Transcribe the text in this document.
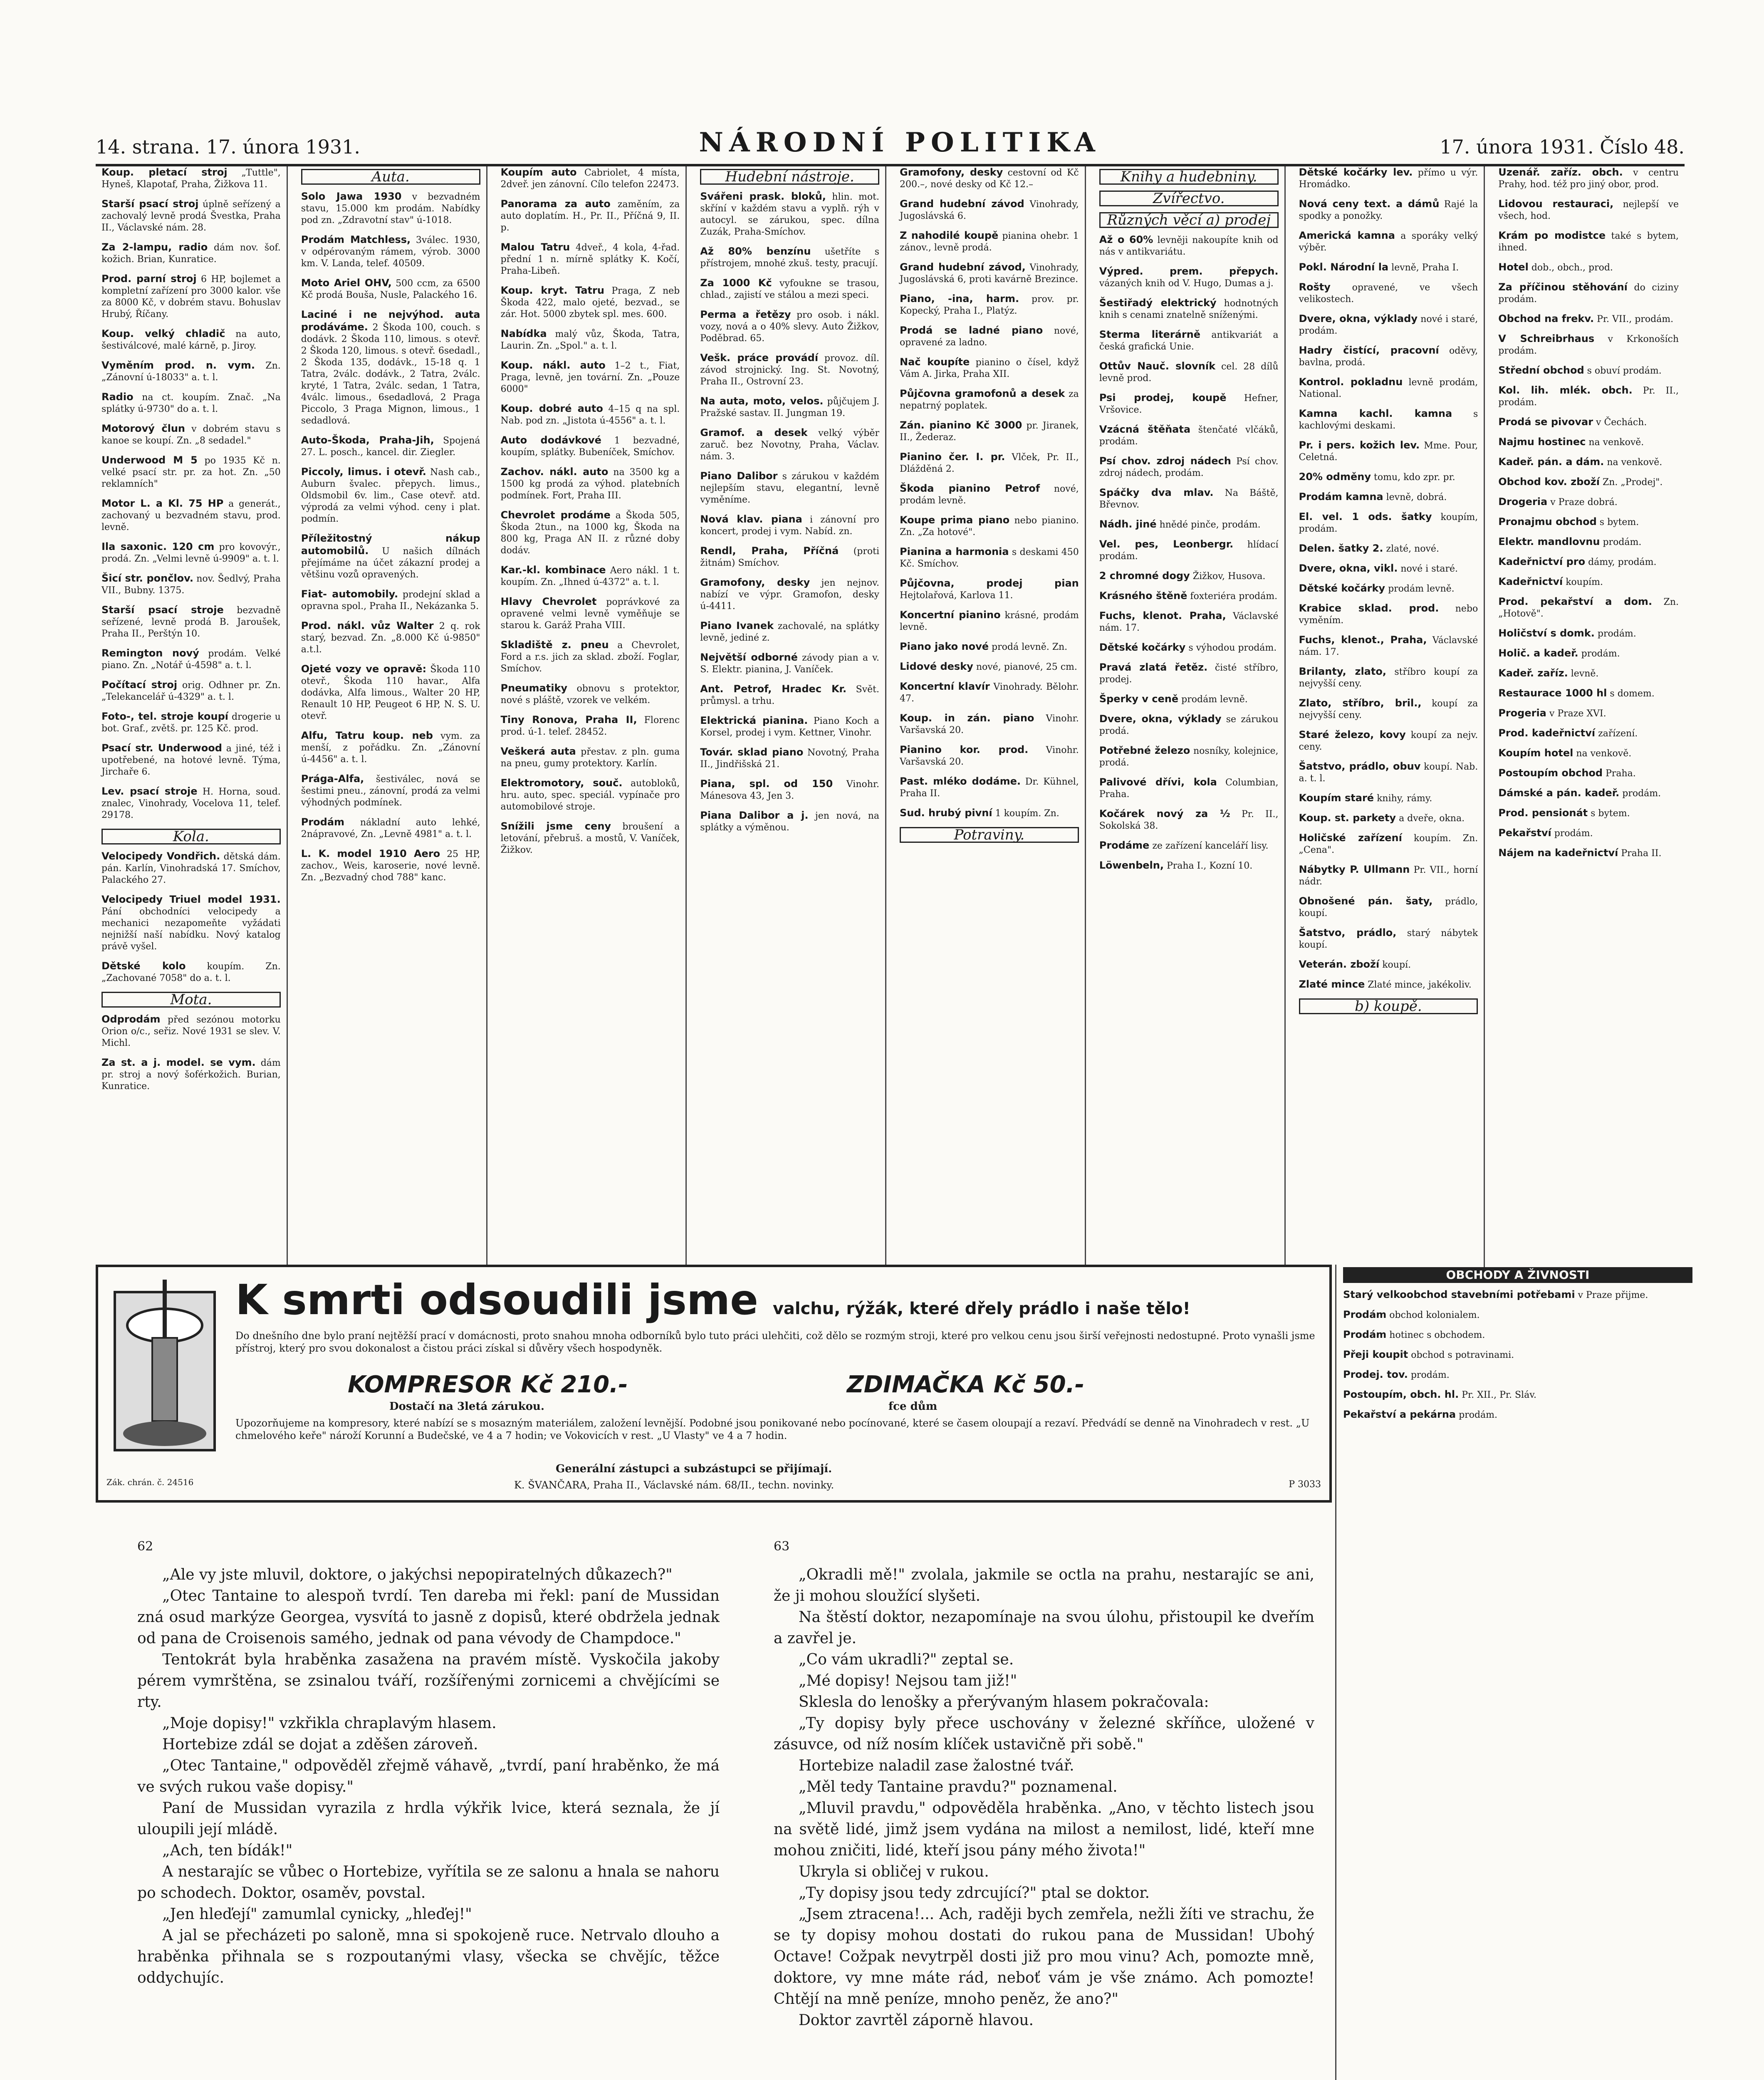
14. strana. 17. února 1931.	NÁRODNÍ POLITIKA	17. února 1931. Číslo 48.
Koup. pletací stroj „Tuttle", Hyneš, Klapotaf, Praha, Žižkova 11.
Starší psací stroj úplně seřízený a zachovalý levně prodá Švestka, Praha II., Václavské nám. 28.
Za 2-lampu, radio dám nov. šof. kožich. Brian, Kunratice.
Prod. parní stroj 6 HP, bojlemet a kompletní zařízení pro 3000 kalor. vše za 8000 Kč, v dobrém stavu. Bohuslav Hrubý, Říčany.
Koup. velký chladič na auto, šestiválcové, malé kárně, p. Jiroy.
Vyměním prod. n. vym. Zn. „Zánovní ú-18033" a. t. l.
Radio na ct. koupím. Znač. „Na splátky ú-9730" do a. t. l.
Motorový člun v dobrém stavu s kanoe se koupí. Zn. „8 sedadel."
Underwood M 5 po 1935 Kč n. velké psací str. pr. za hot. Zn. „50 reklamních"
Motor L. a Kl. 75 HP a generát., zachovaný u bezvadném stavu, prod. levně.
Ila saxonic. 120 cm pro kovovýr., prodá. Zn. „Velmi levně ú-9909" a. t. l.
Šicí str. pončlov. nov. Šedlvý, Praha VII., Bubny. 1375.
Starší psací stroje bezvadně seřízené, levně prodá B. Jaroušek, Praha II., Perštýn 10.
Remington nový prodám. Velké piano. Zn. „Notář ú-4598" a. t. l.
Počítací stroj orig. Odhner pr. Zn. „Telekancelář ú-4329" a. t. l.
Foto-, tel. stroje koupí drogerie u bot. Graf., zvětš. pr. 125 Kč. prod.
Psací str. Underwood a jiné, též i upotřebené, na hotové levně. Týma, Jirchaře 6.
Lev. psací stroje H. Horna, soud. znalec, Vinohrady, Vocelova 11, telef. 29178.
Kola.
Velocipedy Vondřich. dětská dám. pán. Karlín, Vinohradská 17. Smíchov, Palackého 27.
Velocipedy Triuel model 1931. Pání obchodníci velocipedy a mechanici nezapomeňte vyžádati nejnižší naší nabídku. Nový katalog právě vyšel.
Dětské kolo koupím. Zn. „Zachované 7058" do a. t. l.
Mota.
Odprodám před sezónou motorku Orion o/c., seřiz. Nové 1931 se slev. V. Michl.
Za st. a j. model. se vym. dám pr. stroj a nový šoférkožich. Burian, Kunratice.
Auta.
Solo Jawa 1930 v bezvadném stavu, 15.000 km prodám. Nabídky pod zn. „Zdravotní stav" ú-1018.
Prodám Matchless, 3válec. 1930, v odpérovaným rámem, výrob. 3000 km. V. Landa, telef. 40509.
Moto Ariel OHV, 500 ccm, za 6500 Kč prodá Bouša, Nusle, Palackého 16.
Laciné i ne nejvýhod. auta prodáváme. 2 Škoda 100, couch. s dodávk. 2 Škoda 110, limous. s otevř. 2 Škoda 120, limous. s otevř. 6sedadl., 2 Škoda 135, dodávk., 15-18 q. 1 Tatra, 2válc. dodávk., 2 Tatra, 2válc. kryté, 1 Tatra, 2válc. sedan, 1 Tatra, 4válc. limous., 6sedadlová, 2 Praga Piccolo, 3 Praga Mignon, limous., 1 sedadlová.
Auto-Škoda, Praha-Jih, Spojená 27. L. posch., kancel. dir. Ziegler.
Piccoly, limus. i otevř. Nash cab., Auburn švalec. přepych. limus., Oldsmobil 6v. lim., Case otevř. atd. výprodá za velmi výhod. ceny i plat. podmín.
Příležitostný nákup automobilů. U našich dílnách přejímáme na účet zákazní prodej a většinu vozů opravených.
Fiat- automobily. prodejní sklad a opravna spol., Praha II., Nekázanka 5.
Prod. nákl. vůz Walter 2 q. rok starý, bezvad. Zn. „8.000 Kč ú-9850" a.t.l.
Ojeté vozy ve opravě: Škoda 110 otevř., Škoda 110 havar., Alfa dodávka, Alfa limous., Walter 20 HP, Renault 10 HP, Peugeot 6 HP, N. S. U. otevř.
Alfu, Tatru koup. neb vym. za menší, z pořádku. Zn. „Zánovní ú-4456" a. t. l.
Prága-Alfa, šestiválec, nová se šestimi pneu., zánovní, prodá za velmi výhodných podmínek.
Prodám nákladní auto lehké, 2nápravové, Zn. „Levně 4981" a. t. l.
L. K. model 1910 Aero 25 HP, zachov., Weis, karoserie, nové levně. Zn. „Bezvadný chod 788" kanc.
Koupím auto Cabriolet, 4 místa, 2dveř. jen zánovní. Cílo telefon 22473.
Panorama za auto zaměním, za auto doplatím. H., Pr. II., Příčná 9, II. p.
Malou Tatru 4dveř., 4 kola, 4-řad. přední 1 n. mírně splátky K. Kočí, Praha-Libeň.
Koup. kryt. Tatru Praga, Z neb Škoda 422, malo ojeté, bezvad., se zár. Hot. 5000 zbytek spl. mes. 600.
Nabídka malý vůz, Škoda, Tatra, Laurin. Zn. „Spol." a. t. l.
Koup. nákl. auto 1–2 t., Fiat, Praga, levně, jen tovární. Zn. „Pouze 6000"
Koup. dobré auto 4–15 q na spl. Nab. pod zn. „Jistota ú-4556" a. t. l.
Auto dodávkové 1 bezvadné, koupím, splátky. Bubeníček, Smíchov.
Zachov. nákl. auto na 3500 kg a 1500 kg prodá za výhod. platebních podmínek. Fort, Praha III.
Chevrolet prodáme a Škoda 505, Škoda 2tun., na 1000 kg, Škoda na 800 kg, Praga AN II. z různé doby dodáv.
Kar.-kl. kombinace Aero nákl. 1 t. koupím. Zn. „Ihned ú-4372" a. t. l.
Hlavy Chevrolet poprávkové za opravené velmi levně vyměňuje se starou k. Garáž Praha VIII.
Skladiště z. pneu a Chevrolet, Ford a r.s. jich za sklad. zboží. Foglar, Smíchov.
Pneumatiky obnovu s protektor, nové s pláště, vzorek ve velkém.
Tiny Ronova, Praha II, Florenc prod. ú-1. telef. 28452.
Veškerá auta přestav. z pln. guma na pneu, gumy protektory. Karlín.
Elektromotory, souč. autobloků, hru. auto, spec. speciál. vypínače pro automobilové stroje.
Snížili jsme ceny broušení a letování, přebruš. a mostů, V. Vaníček, Žižkov.
Hudební nástroje.
Svářeni prask. bloků, hlin. mot. skříní v každém stavu a vyplň. rýh v autocyl. se zárukou, spec. dílna Zuzák, Praha-Smíchov.
Až 80% benzínu ušetříte s přístrojem, mnohé zkuš. testy, pracují.
Za 1000 Kč vyfoukne se trasou, chlad., zajistí ve stálou a mezi speci.
Perma a řetězy pro osob. i nákl. vozy, nová a o 40% slevy. Auto Žižkov, Poděbrad. 65.
Vešk. práce provádí provoz. díl. závod strojnický. Ing. St. Novotný, Praha II., Ostrovní 23.
Na auta, moto, velos. půjčujem J. Pražské sastav. II. Jungman 19.
Gramof. a desek velký výběr zaruč. bez Novotny, Praha, Václav. nám. 3.
Piano Dalibor s zárukou v každém nejlepším stavu, elegantní, levně vyměníme.
Nová klav. piana i zánovní pro koncert, prodej i vym. Nabíd. zn.
Rendl, Praha, Příčná (proti žitnám) Smíchov.
Gramofony, desky jen nejnov. nabízí ve výpr. Gramofon, desky ú-4411.
Piano Ivanek zachovalé, na splátky levně, jediné z.
Největší odborné závody pian a v. S. Elektr. pianina, J. Vaníček.
Ant. Petrof, Hradec Kr. Svět. průmysl. a trhu.
Elektrická pianina. Piano Koch a Korsel, prodej i vym. Kettner, Vinohr.
Továr. sklad piano Novotný, Praha II., Jindřišská 21.
Piana, spl. od 150 Vinohr. Mánesova 43, Jen 3.
Piana Dalibor a j. jen nová, na splátky a výměnou.
Gramofony, desky cestovní od Kč 200.–, nové desky od Kč 12.–
Grand hudební závod Vinohrady, Jugoslávská 6.
Z nahodilé koupě pianina ohebr. 1 zánov., levně prodá.
Grand hudební závod, Vinohrady, Jugoslávská 6, proti kavárně Brezince.
Piano, -ina, harm. prov. pr. Kopecký, Praha I., Platýz.
Prodá se ladné piano nové, opravené za ladno.
Nač koupíte pianino o čísel, když Vám A. Jirka, Praha XII.
Půjčovna gramofonů a desek za nepatrný poplatek.
Zán. pianino Kč 3000 pr. Jiranek, II., Žederaz.
Pianino čer. I. pr. Vlček, Pr. II., Dlážděná 2.
Škoda pianino Petrof nové, prodám levně.
Koupe prima piano nebo pianino. Zn. „Za hotové".
Pianina a harmonia s deskami 450 Kč. Smíchov.
Půjčovna, prodej pian Hejtolařová, Karlova 11.
Koncertní pianino krásné, prodám levně.
Piano jako nové prodá levně. Zn.
Lidové desky nové, pianové, 25 cm.
Koncertní klavír Vinohrady. Bělohr. 47.
Koup. in zán. piano Vinohr. Varšavská 20.
Pianino kor. prod. Vinohr. Varšavská 20.
Past. mléko dodáme. Dr. Kühnel, Praha II.
Sud. hrubý pivní 1 koupím. Zn.
Potraviny.
Knihy a hudebniny.
Zvířectvo.
Různých věcí a) prodej
Až o 60% levněji nakoupíte knih od nás v antikvariátu.
Výpred. prem. přepych. vázaných knih od V. Hugo, Dumas a j.
Šestiřadý elektrický hodnotných knih s cenami znatelně sníženými.
Sterma literárně antikvariát a česká grafická Unie.
Ottův Nauč. slovník cel. 28 dílů levně prod.
Psi prodej, koupě Hefner, Vršovice.
Vzácná štěňata štenčaté vlčáků, prodám.
Psí chov. zdroj nádech Psí chov. zdroj nádech, prodám.
Spáčky dva mlav. Na Báště, Břevnov.
Nádh. jiné hnědé pinče, prodám.
Vel. pes, Leonbergr. hlídací prodám.
2 chromné dogy Žižkov, Husova.
Krásného štěně foxteriéra prodám.
Fuchs, klenot. Praha, Václavské nám. 17.
Dětské kočárky s výhodou prodám.
Pravá zlatá řetěz. čisté stříbro, prodej.
Šperky v ceně prodám levně.
Dvere, okna, výklady se zárukou prodá.
Potřebné železo nosníky, kolejnice, prodá.
Palivové dřívi, kola Columbian, Praha.
Kočárek nový za ½ Pr. II., Sokolská 38.
Prodáme ze zařízení kanceláří lisy.
Löwenbeln, Praha I., Kozní 10.
Dětské kočárky lev. přímo u výr. Hromádko.
Nová ceny text. a dámů Rajé la spodky a ponožky.
Americká kamna a sporáky velký výběr.
Pokl. Národní la levně, Praha I.
Rošty opravené, ve všech velikostech.
Dvere, okna, výklady nové i staré, prodám.
Hadry čistící, pracovní oděvy, bavlna, prodá.
Kontrol. pokladnu levně prodám, National.
Kamna kachl. kamna s kachlovými deskami.
Pr. i pers. kožich lev. Mme. Pour, Celetná.
20% odměny tomu, kdo zpr. pr.
Prodám kamna levně, dobrá.
El. vel. 1 ods. šatky koupím, prodám.
Delen. šatky 2. zlaté, nové.
Dvere, okna, vikl. nové i staré.
Dětské kočárky prodám levně.
Krabice sklad. prod. nebo vyměním.
Fuchs, klenot., Praha, Václavské nám. 17.
Brilanty, zlato, stříbro koupí za nejvyšší ceny.
Zlato, stříbro, bril., koupí za nejvyšší ceny.
Staré železo, kovy koupí za nejv. ceny.
Šatstvo, prádlo, obuv koupí. Nab. a. t. l.
Koupím staré knihy, rámy.
Koup. st. parkety a dveře, okna.
Holičské zařízení koupím. Zn. „Cena".
Nábytky P. Ullmann Pr. VII., horní nádr.
Obnošené pán. šaty, prádlo, koupí.
Šatstvo, prádlo, starý nábytek koupí.
Veterán. zboží koupí.
Zlaté mince Zlaté mince, jakékoliv.
b) koupě.
Uzenář. zaříz. obch. v centru Prahy, hod. též pro jiný obor, prod.
Lidovou restauraci, nejlepší ve všech, hod.
Krám po modistce také s bytem, ihned.
Hotel dob., obch., prod.
Za příčinou stěhování do ciziny prodám.
Obchod na frekv. Pr. VII., prodám.
V Schreibrhaus v Krkonoších prodám.
Střední obchod s obuví prodám.
Kol. lih. mlék. obch. Pr. II., prodám.
Prodá se pivovar v Čechách.
Najmu hostinec na venkově.
Kadeř. pán. a dám. na venkově.
Obchod kov. zboží Zn. „Prodej".
Drogeria v Praze dobrá.
Pronajmu obchod s bytem.
Elektr. mandlovnu prodám.
Kadeřnictví pro dámy, prodám.
Kadeřnictví koupím.
Prod. pekařství a dom. Zn. „Hotově".
Holičství s domk. prodám.
Holič. a kadeř. prodám.
Kadeř. zaříz. levně.
Restaurace 1000 hl s domem.
Progeria v Praze XVI.
Prod. kadeřnictví zařízení.
Koupím hotel na venkově.
Postoupím obchod Praha.
Dámské a pán. kadeř. prodám.
Prod. pensionát s bytem.
Pekařství prodám.
Nájem na kadeřnictví Praha II.
K smrti odsoudili jsme valchu, rýžák, které dřely prádlo i naše tělo!
Do dnešního dne bylo praní nejtěžší prací v domácnosti, proto snahou mnoha odborníků bylo tuto práci ulehčiti, což dělo se rozmým stroji, které pro velkou cenu jsou širší veřejnosti nedostupné. Proto vynašli jsme přístroj, který pro svou dokonalost a čistou práci získal si důvěry všech hospodyněk.
KOMPRESOR Kč 210.-	ZDIMAČKA Kč 50.-
Dostačí na 3letá zárukou.	fce dům
Upozorňujeme na kompresory, které nabízí se s mosazným materiálem, založení levnější. Podobné jsou ponikované nebo pocínované, které se časem oloupají a rezaví. Předvádí se denně na Vinohradech v rest. „U chmelového keře" nároží Korunní a Budečské, ve 4 a 7 hodin; ve Vokovicích v rest. „U Vlasty" ve 4 a 7 hodin.
Generální zástupci a subzástupci se přijímají.
K. ŠVANČARA, Praha II., Václavské nám. 68/II., techn. novinky.	P 3033
Zák. chrán. č. 24516
OBCHODY A ŽIVNOSTI
Starý velkoobchod stavebními potřebami v Praze přijme.
Prodám obchod kolonialem.
Prodám hotinec s obchodem.
Přeji koupit obchod s potravinami.
Prodej. tov. prodám.
Postoupím, obch. hl. Pr. XII., Pr. Sláv.
Pekařství a pekárna prodám.
62	63

„Ale vy jste mluvil, doktore, o jakýchsi nepopiratelných důkazech?"

„Otec Tantaine to alespoň tvrdí. Ten dareba mi řekl: paní de Mussidan zná osud markýze Georgea, vysvítá to jasně z dopisů, které obdržela jednak od pana de Croisenois samého, jednak od pana vévody de Champdoce."

Tentokrát byla hraběnka zasažena na pravém místě. Vyskočila jakoby pérem vymrštěna, se zsinalou tváří, rozšířenými zornicemi a chvějícími se rty.

„Moje dopisy!" vzkřikla chraplavým hlasem.

Hortebize zdál se dojat a zděšen zároveň.

„Otec Tantaine," odpověděl zřejmě váhavě, „tvrdí, paní hraběnko, že má ve svých rukou vaše dopisy."

Paní de Mussidan vyrazila z hrdla výkřik lvice, která seznala, že jí uloupili její mládě.

„Ach, ten bídák!"

A nestarajíc se vůbec o Hortebize, vyřítila se ze salonu a hnala se nahoru po schodech. Doktor, osaměv, povstal.

„Jen hleďejí" zamumlal cynicky, „hleďej!"

A jal se přecházeti po saloně, mna si spokojeně ruce. Netrvalo dlouho a hraběnka přihnala se s rozpoutanými vlasy, všecka se chvějíc, těžce oddychujíc.

„Okradli mě!" zvolala, jakmile se octla na prahu, nestarajíc se ani, že ji mohou sloužící slyšeti.

Na štěstí doktor, nezapomínaje na svou úlohu, přistoupil ke dveřím a zavřel je.

„Co vám ukradli?" zeptal se.

„Mé dopisy! Nejsou tam již!"

Sklesla do lenošky a přerývaným hlasem pokračovala:

„Ty dopisy byly přece uschovány v železné skříňce, uložené v zásuvce, od níž nosím klíček ustavičně při sobě."

Hortebize naladil zase žalostné tvář.

„Měl tedy Tantaine pravdu?" poznamenal.

„Mluvil pravdu," odpověděla hraběnka. „Ano, v těchto listech jsou na světě lidé, jimž jsem vydána na milost a nemilost, lidé, kteří mne mohou zničiti, lidé, kteří jsou pány mého života!"

Ukryla si obličej v rukou.

„Ty dopisy jsou tedy zdrcující?" ptal se doktor.

„Jsem ztracena!... Ach, raději bych zemřela, nežli žíti ve strachu, že se ty dopisy mohou dostati do rukou pana de Mussidan! Ubohý Octave! Cožpak nevytrpěl dosti již pro mou vinu? Ach, pomozte mně, doktore, vy mne máte rád, neboť vám je vše známo. Ach pomozte! Chtějí na mně peníze, mnoho peněz, že ano?"

Doktor zavrtěl záporně hlavou.
